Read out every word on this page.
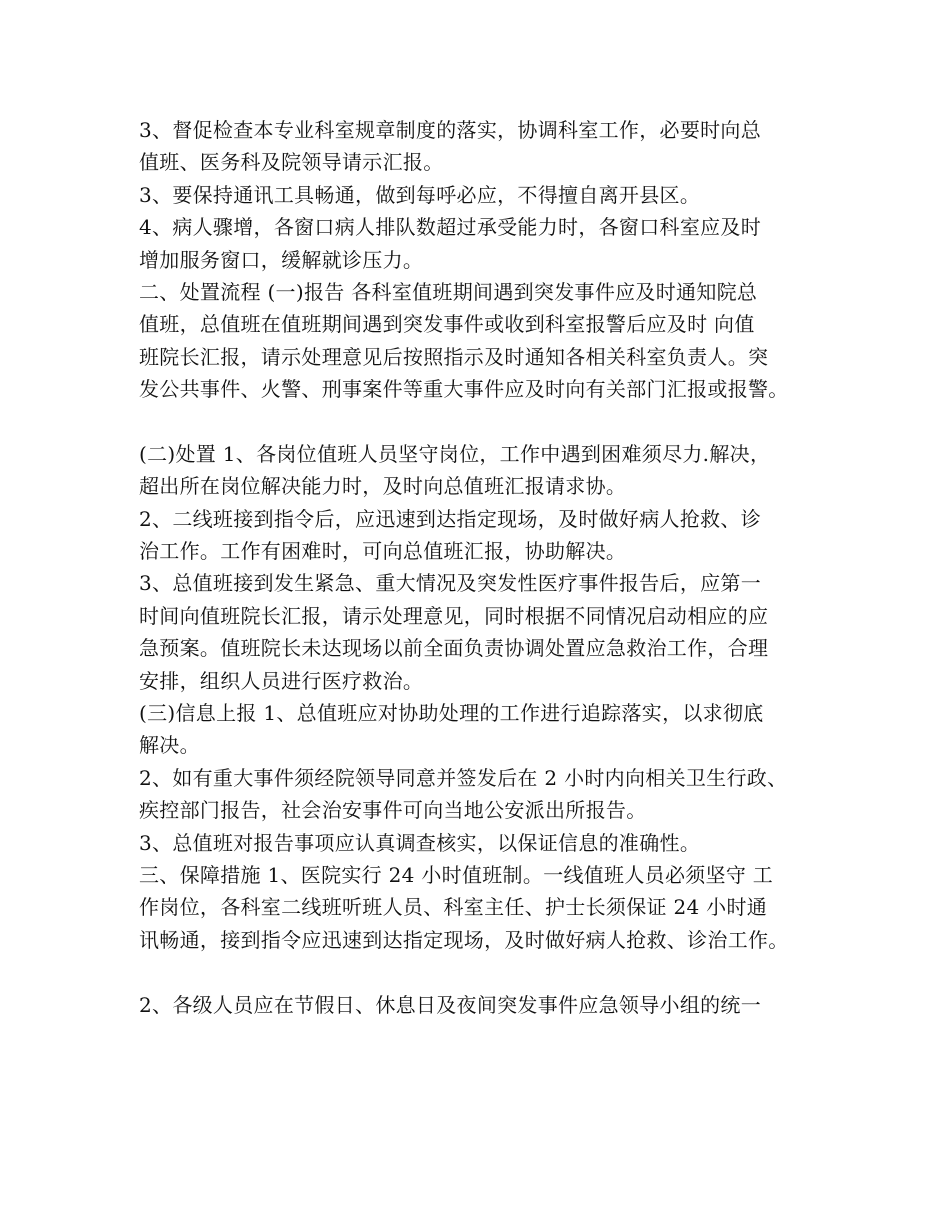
3、督促检查本专业科室规章制度的落实，协调科室工作，必要时向总
值班、医务科及院领导请示汇报。
3、要保持通讯工具畅通，做到每呼必应，不得擅自离开县区。
4、病人骤增，各窗口病人排队数超过承受能力时，各窗口科室应及时
增加服务窗口，缓解就诊压力。
二、处置流程 (一)报告 各科室值班期间遇到突发事件应及时通知院总
值班，总值班在值班期间遇到突发事件或收到科室报警后应及时 向值
班院长汇报，请示处理意见后按照指示及时通知各相关科室负责人。突
发公共事件、火警、刑事案件等重大事件应及时向有关部门汇报或报警。
(二)处置 1、各岗位值班人员坚守岗位，工作中遇到困难须尽力.解决，
超出所在岗位解决能力时，及时向总值班汇报请求协。
2、二线班接到指令后，应迅速到达指定现场，及时做好病人抢救、诊
治工作。工作有困难时，可向总值班汇报，协助解决。
3、总值班接到发生紧急、重大情况及突发性医疗事件报告后，应第一
时间向值班院长汇报，请示处理意见，同时根据不同情况启动相应的应
急预案。值班院长未达现场以前全面负责协调处置应急救治工作，合理
安排，组织人员进行医疗救治。
(三)信息上报 1、总值班应对协助处理的工作进行追踪落实，以求彻底
解决。
2、如有重大事件须经院领导同意并签发后在 2 小时内向相关卫生行政、
疾控部门报告，社会治安事件可向当地公安派出所报告。
3、总值班对报告事项应认真调查核实，以保证信息的准确性。
三、保障措施 1、医院实行 24 小时值班制。一线值班人员必须坚守 工
作岗位，各科室二线班听班人员、科室主任、护士长须保证 24 小时通
讯畅通，接到指令应迅速到达指定现场，及时做好病人抢救、诊治工作。
2、各级人员应在节假日、休息日及夜间突发事件应急领导小组的统一
